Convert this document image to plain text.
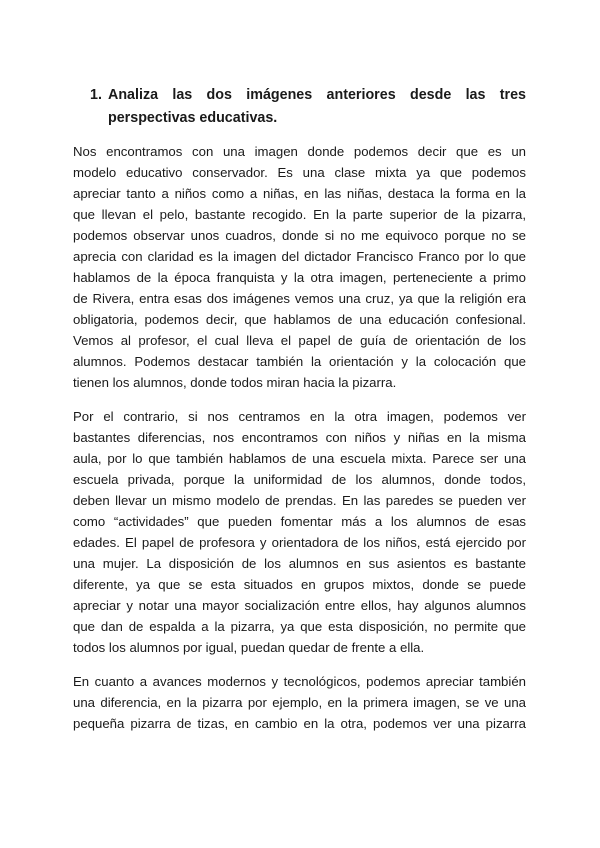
1. Analiza las dos imágenes anteriores desde las tres
perspectivas educativas.
Nos encontramos con una imagen donde podemos decir que es un
modelo educativo conservador. Es una clase mixta ya que podemos
apreciar tanto a niños como a niñas, en las niñas, destaca la forma en la
que llevan el pelo, bastante recogido. En la parte superior de la pizarra,
podemos observar unos cuadros, donde si no me equivoco porque no se
aprecia con claridad es la imagen del dictador Francisco Franco por lo que
hablamos de la época franquista y la otra imagen, perteneciente a primo
de Rivera, entra esas dos imágenes vemos una cruz, ya que la religión era
obligatoria, podemos decir, que hablamos de una educación confesional.
Vemos al profesor, el cual lleva el papel de guía de orientación de los
alumnos. Podemos destacar también la orientación y la colocación que
tienen los alumnos, donde todos miran hacia la pizarra.
Por el contrario, si nos centramos en la otra imagen, podemos ver
bastantes diferencias, nos encontramos con niños y niñas en la misma
aula, por lo que también hablamos de una escuela mixta. Parece ser una
escuela privada, porque la uniformidad de los alumnos, donde todos,
deben llevar un mismo modelo de prendas. En las paredes se pueden ver
como “actividades” que pueden fomentar más a los alumnos de esas
edades. El papel de profesora y orientadora de los niños, está ejercido por
una mujer. La disposición de los alumnos en sus asientos es bastante
diferente, ya que se esta situados en grupos mixtos, donde se puede
apreciar y notar una mayor socialización entre ellos, hay algunos alumnos
que dan de espalda a la pizarra, ya que esta disposición, no permite que
todos los alumnos por igual, puedan quedar de frente a ella.
En cuanto a avances modernos y tecnológicos, podemos apreciar también
una diferencia, en la pizarra por ejemplo, en la primera imagen, se ve una
pequeña pizarra de tizas, en cambio en la otra, podemos ver una pizarra
